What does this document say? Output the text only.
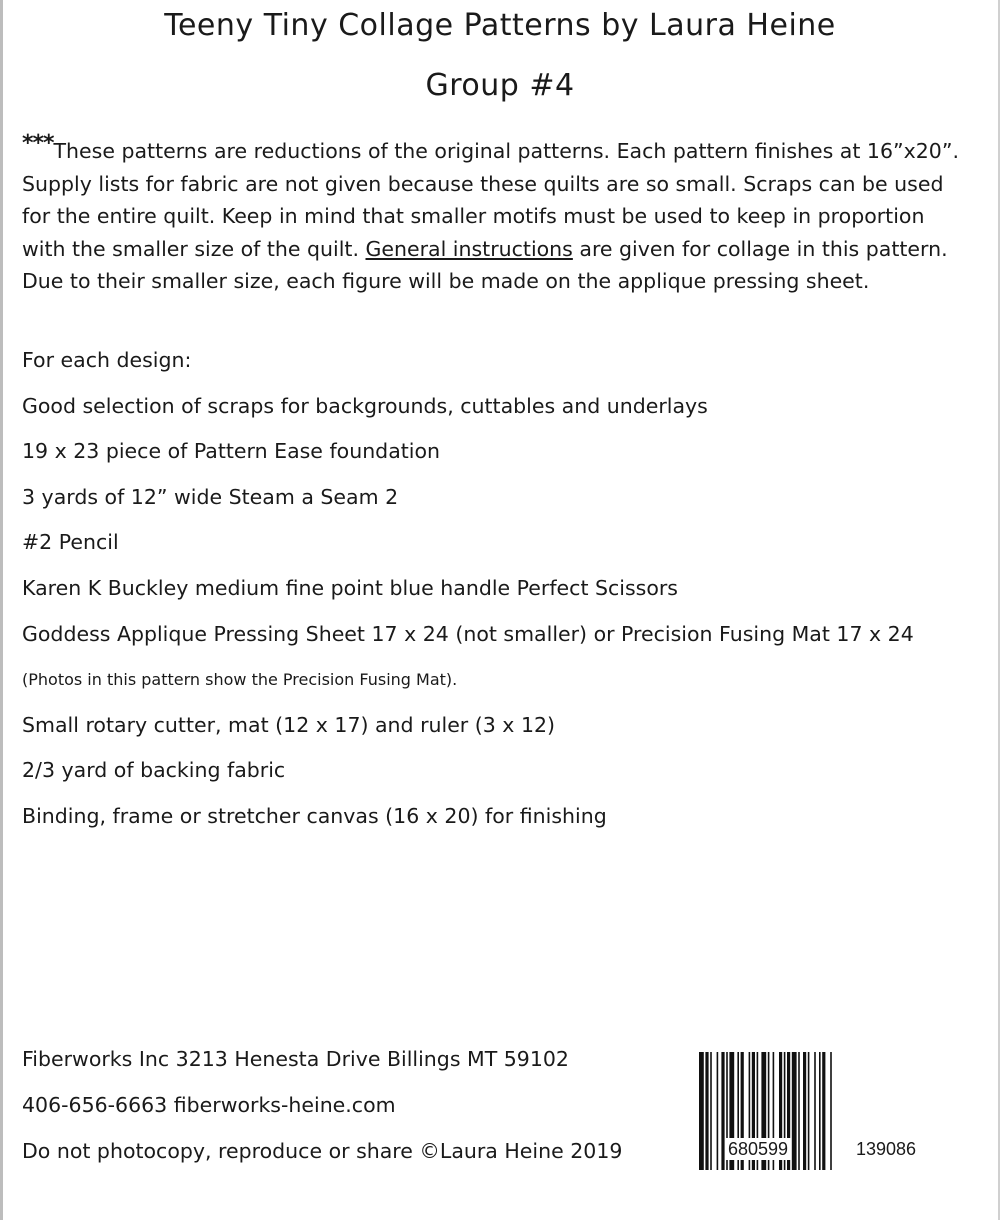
Teeny Tiny Collage Patterns by Laura Heine
Group #4
***These patterns are reductions of the original patterns. Each pattern finishes at 16”x20”. Supply lists for fabric are not given because these quilts are so small. Scraps can be used for the entire quilt. Keep in mind that smaller motifs must be used to keep in proportion with the smaller size of the quilt. General instructions are given for collage in this pattern. Due to their smaller size, each figure will be made on the applique pressing sheet.
For each design:
Good selection of scraps for backgrounds, cuttables and underlays
19 x 23 piece of Pattern Ease foundation
3 yards of 12” wide Steam a Seam 2
#2 Pencil
Karen K Buckley medium fine point blue handle Perfect Scissors
Goddess Applique Pressing Sheet 17 x 24 (not smaller) or Precision Fusing Mat 17 x 24
(Photos in this pattern show the Precision Fusing Mat).
Small rotary cutter, mat (12 x 17) and ruler (3 x 12)
2/3 yard of backing fabric
Binding, frame or stretcher canvas (16 x 20) for finishing
Fiberworks Inc 3213 Henesta Drive Billings MT 59102
406-656-6663 fiberworks-heine.com
Do not photocopy, reproduce or share ©Laura Heine 2019	680599	139086
